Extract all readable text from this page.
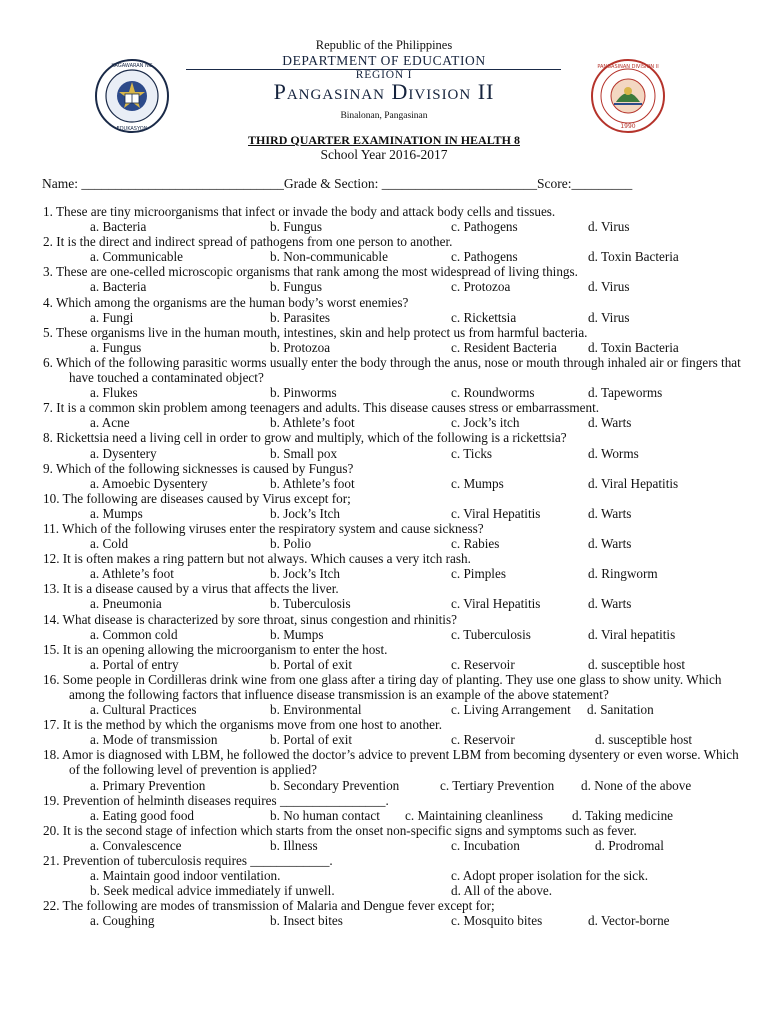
KAGAWARAN NG
EDUKASYON
Republic of the Philippines
DEPARTMENT OF EDUCATION
REGION I
Pangasinan Division II
Binalonan, Pangasinan
PANGASINAN DIVISION II
1990
THIRD QUARTER EXAMINATION IN HEALTH 8
School Year 2016-2017
Name: ______________________________Grade & Section: _______________________Score:_________
1. These are tiny microorganisms that infect or invade the body and attack body cells and tissues.
a. Bacteria	b. Fungus	c. Pathogens	d. Virus
2. It is the direct and indirect spread of pathogens from one person to another.
a. Communicable	b. Non-communicable	c. Pathogens	d. Toxin Bacteria
3. These are one-celled microscopic organisms that rank among the most widespread of living things.
a. Bacteria	b. Fungus	c. Protozoa	d. Virus
4. Which among the organisms are the human body’s worst enemies?
a. Fungi	b. Parasites	c. Rickettsia	d. Virus
5. These organisms live in the human mouth, intestines, skin and help protect us from harmful bacteria.
a. Fungus	b. Protozoa	c. Resident Bacteria d. Toxin Bacteria
6. Which of the following parasitic worms usually enter the body through the anus, nose or mouth through inhaled air or fingers that have touched a contaminated object?
a. Flukes	b. Pinworms	c. Roundworms	d. Tapeworms
7. It is a common skin problem among teenagers and adults. This disease causes stress or embarrassment.
a. Acne	b. Athlete’s foot	c. Jock’s itch	d. Warts
8. Rickettsia need a living cell in order to grow and multiply, which of the following is a rickettsia?
a. Dysentery	b. Small pox	c. Ticks	d. Worms
9. Which of the following sicknesses is caused by Fungus?
a. Amoebic Dysentery	b. Athlete’s foot	c. Mumps	d. Viral Hepatitis
10. The following are diseases caused by Virus except for;
a. Mumps	b. Jock’s Itch	c. Viral Hepatitis	d. Warts
11. Which of the following viruses enter the respiratory system and cause sickness?
a. Cold	b. Polio	c. Rabies	d. Warts
12. It is often makes a ring pattern but not always. Which causes a very itch rash.
a. Athlete’s foot	b. Jock’s Itch	c. Pimples	d. Ringworm
13. It is a disease caused by a virus that affects the liver.
a. Pneumonia	b. Tuberculosis	c. Viral Hepatitis	d. Warts
14. What disease is characterized by sore throat, sinus congestion and rhinitis?
a. Common cold	b. Mumps	c. Tuberculosis	d. Viral hepatitis
15. It is an opening allowing the microorganism to enter the host.
a. Portal of entry	b. Portal of exit	c. Reservoir	d. susceptible host
16. Some people in Cordilleras drink wine from one glass after a tiring day of planting. They use one glass to show unity. Which among the following factors that influence disease transmission is an example of the above statement?
a. Cultural Practices	b. Environmental	c. Living Arrangement d. Sanitation
17. It is the method by which the organisms move from one host to another.
a. Mode of transmission	b. Portal of exit	c. Reservoir	d. susceptible host
18. Amor is diagnosed with LBM, he followed the doctor’s advice to prevent LBM from becoming dysentery or even worse. Which of the following level of prevention is applied?
a. Primary Prevention	b. Secondary Prevention	c. Tertiary Prevention d. None of the above
19. Prevention of helminth diseases requires ________________.
a. Eating good food	b. No human contact c. Maintaining cleanliness d. Taking medicine
20. It is the second stage of infection which starts from the onset non-specific signs and symptoms such as fever.
a. Convalescence	b. Illness	c. Incubation	d. Prodromal
21. Prevention of tuberculosis requires ____________.
a. Maintain good indoor ventilation.	c. Adopt proper isolation for the sick.
b. Seek medical advice immediately if unwell.	d. All of the above.
22. The following are modes of transmission of Malaria and Dengue fever except for;
a. Coughing	b. Insect bites	c. Mosquito bites	d. Vector-borne
